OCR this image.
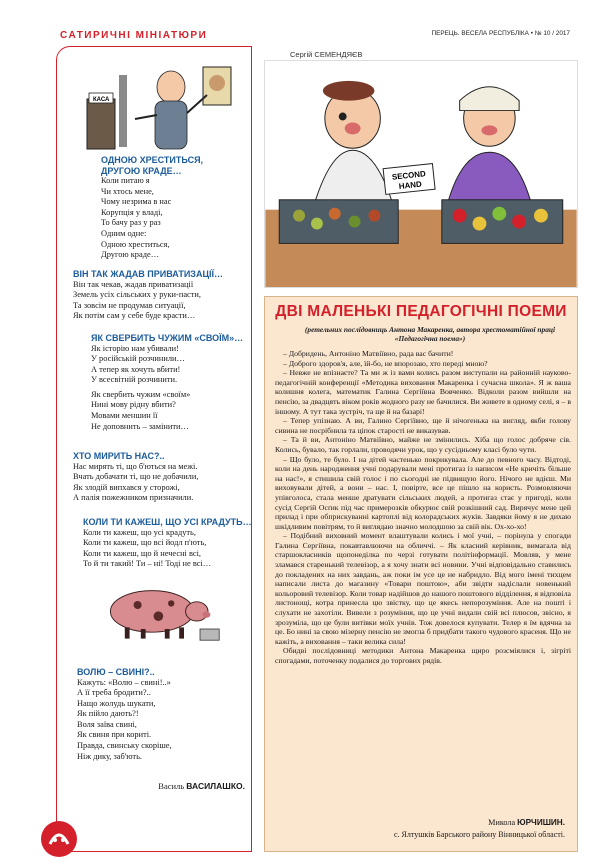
САТИРИЧНІ МІНІАТЮРИ	ПЕРЕЦЬ. ВЕСЕЛА РЕСПУБЛІКА • № 10 / 2017
Сергій СЕМЕНДЯЄВ
КАСА
ОДНОЮ ХРЕСТИТЬСЯ,
ДРУГОЮ КРАДЕ…
Коли питаю я
Чи хтось мене,
Чому незрима в нас
Корупція у владі,
То бачу раз у раз
Одним одне:
Одною хреститься,
Другою краде…
ВІН ТАК ЖАДАВ ПРИВАТИЗАЦІЇ…
Він так чекав, жадав приватизації
Земель усіх сільських у руки-пасти,
Та зовсім не продумав ситуації,
Як потім сам у себе буде красти…
ЯК СВЕРБИТЬ ЧУЖИМ «СВОЇМ»…
Як історію нам убивали!
У російській розчинили…
А тепер як хочуть вбити!
У всесвітній розчинити.
Як свербить чужим «своїм»
Нині мову рідну вбити?
Мовами меншин її
Не доповнить – замінити…
ХТО МИРИТЬ НАС?..
Нас мирять ті, що б'ються на межі.
Вчать добачати ті, що не добачили,
Як злодій випхався у сторожі,
А палія пожежником призначили.
КОЛИ ТИ КАЖЕШ, ЩО УСІ КРАДУТЬ…
Коли ти кажеш, що усі крадуть,
Коли ти кажеш, що всі йодл п'ють,
Коли ти кажеш, що й нечесні всі,
То й ти такий! Ти – ні! Тоді не всі…
ВОЛЮ – СВИНІ?..
Кажуть: «Волю – свині!..»
А її треба бродити?..
Нащо жолудь шукати,
Як пійло дають?!
Воля заїва свині,
Як свиня при кориті.
Правда, свинську скоріше,
Ніж дику, заб'ють.
Василь ВАСИЛАШКО.
SECOND
HAND
ДВІ МАЛЕНЬКІ ПЕДАГОГІЧНІ ПОЕМИ
(ретельних послідовниць Антона Макаренка, автора хрестоматійної праці «Педагогічна поема»)

– Добридень, Антоніно Матвіївно, рада вас бачити!

– Доброго здоров'я, але, їй-бо, не впорозаю, хто переді мною?

– Невже не впізнаєте? Та ми ж із вами колись разом виступали на районній науково-педагогічній конференції «Методика виховання Макаренка і сучасна школа». Я ж ваша колишня колега, математик Галина Сергіївна Вовченко. Відколи разом вийшли на пенсію, за двадцять віком років жодного разу не бачилися. Ви живете в одному селі, я – в іншому. А тут така зустріч, та ще й на базарі!

– Тепер упізнаю. А ви, Галино Сергіївно, ще й нічогенька на вигляд, якби голову сивина не посрібнила та ціпок старості не виказував.

– Та й ви, Антоніно Матвіївно, майже не змінились. Хіба що голос добряче сів. Колись, бувало, так горлали, проводячи урок, що у сусідньому класі було чути.

– Що було, те було. І на дітей частенько покрикувала. Але до певного часу. Відтоді, коли на день народження учні подарували мені протигаз із написом «Не кричіть більше на нас!», я стишила свій голос і по сьогодні не підвищую його. Нічого не вдієш. Ми виховували дітей, а вони – нас. І, повірте, все це пішло на користь. Розмовляючи упівголоса, стала менше дратувати сільських людей, а протигаз стає у пригоді, коли сусід Сергій Осґик під час примерозків обкурює свій розкішний сад. Вирячує мене цей прилад і при обприскуванні картоплі від колорадських жуків. Завдяки йому я не дихаю шкідливим повітрям, то й виглядаю значно молодшою за свій вік. Ох-хо-хо!

– Подібний виховний момент влаштували колись і мої учні, – порінула у спогади Галина Сергіївна, покавтавлюючи на обличчі. – Як класний керівник, вимагала від старшокласників щопонеділка по черзі готувати політінформації. Мовляв, у мене зламався старенький телевізор, а я хочу знати всі новини. Учні відповідально ставились до покладених на них завдань, аж поки ім усе це не набридло. Від мого імені тихцем написали листа до магазину «Товари поштою», аби звідти надіслали новенький кольоровий телевізор. Коли товар надійшов до нашого поштового відділення, я відповіла листонощі, котра принесла цю звістку, що це якесь непорозуміння. Але на пошті і слухати не захотіли. Вивели з розуміння, що це учні видали свій всі плюсов, звісно, я зрозуміла, що це були витівки моїх учнів. Тож довелося купувати. Телер я їм вдячна за це. Бо нині за свою мізерну пенсію не змогла б придбати такого чудового красеня. Що не кажіть, а виховання – таки велика сила!

Обидві послідовниці методики Антона Макаренка щиро розсміялися і, зігріті спогадами, поточенку подалися до торгових рядів.

Микола ЮРЧИШИН.
с. Ялтушків Барського району Вінницької області.
